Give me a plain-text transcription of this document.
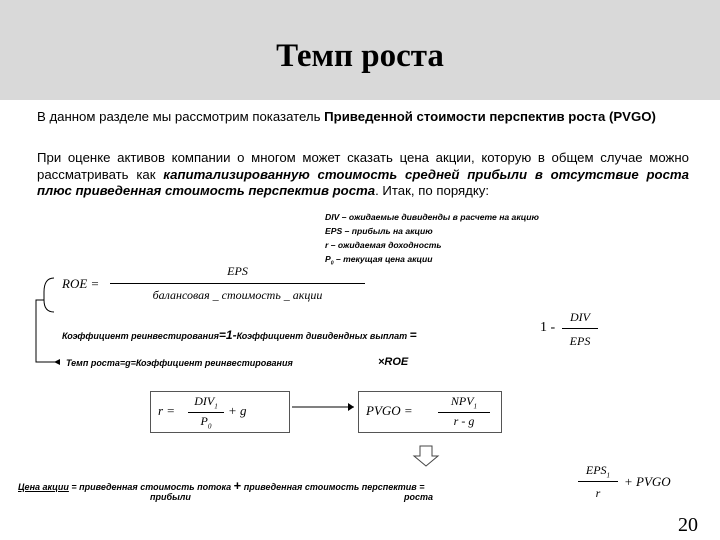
Темп роста
В данном разделе мы рассмотрим показатель Приведенной стоимости перспектив роста (PVGO)
При оценке активов компании о многом может сказать цена акции, которую в общем случае можно рассматривать как капитализированную стоимость средней прибыли в отсутствие роста плюс приведенная стоимость перспектив роста. Итак, по порядку:
DIV – ожидаемые дивиденды в расчете на акцию
EPS – прибыль на акцию
r – ожидаемая доходность
$P_0$ – текущая цена акции
ROE =
EPS
балансовая _ стоимость _ акции
Коэффициент реинвестирования=1-Коэффициент дивидендных выплат =	1 -
DIV
EPS
Темп роста=g=Коэффициент реинвестирования	×ROE
r =
$DIV_1$
$P_0$
+ g	PVGO =
$NPV_1$
r - g
Цена акции = приведенная стоимость потока + приведенная стоимость перспектив =
прибыли	роста
$EPS_1$
r
+ PVGO
20
